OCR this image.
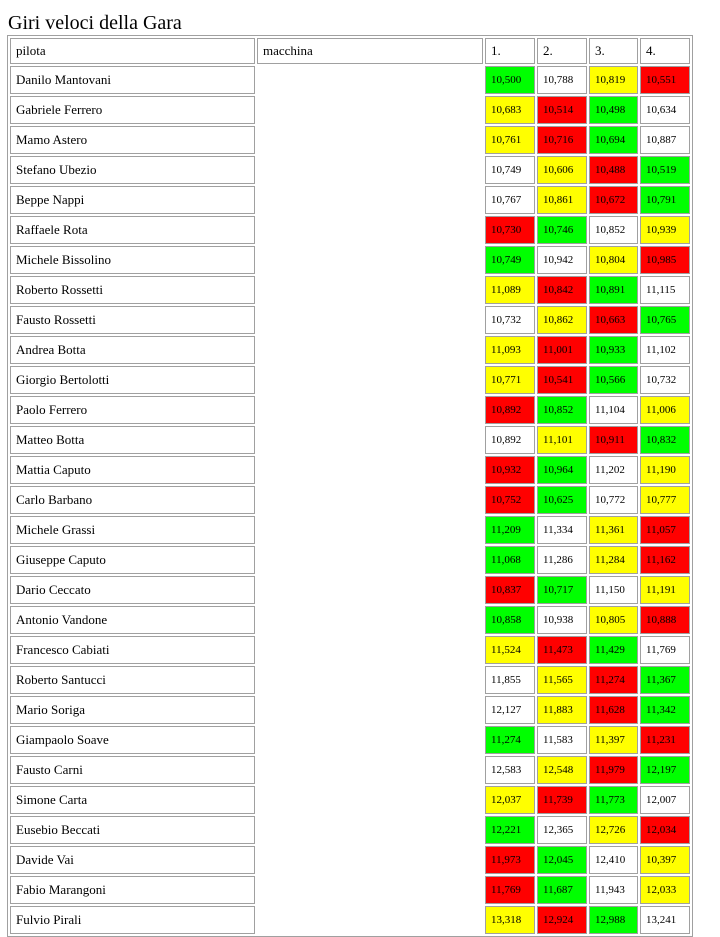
Giri veloci della Gara
pilota	macchina	1.	2.	3.	4.
Danilo Mantovani		10,500	10,788	10,819	10,551
Gabriele Ferrero		10,683	10,514	10,498	10,634
Mamo Astero		10,761	10,716	10,694	10,887
Stefano Ubezio		10,749	10,606	10,488	10,519
Beppe Nappi		10,767	10,861	10,672	10,791
Raffaele Rota		10,730	10,746	10,852	10,939
Michele Bissolino		10,749	10,942	10,804	10,985
Roberto Rossetti		11,089	10,842	10,891	11,115
Fausto Rossetti		10,732	10,862	10,663	10,765
Andrea Botta		11,093	11,001	10,933	11,102
Giorgio Bertolotti		10,771	10,541	10,566	10,732
Paolo Ferrero		10,892	10,852	11,104	11,006
Matteo Botta		10,892	11,101	10,911	10,832
Mattia Caputo		10,932	10,964	11,202	11,190
Carlo Barbano		10,752	10,625	10,772	10,777
Michele Grassi		11,209	11,334	11,361	11,057
Giuseppe Caputo		11,068	11,286	11,284	11,162
Dario Ceccato		10,837	10,717	11,150	11,191
Antonio Vandone		10,858	10,938	10,805	10,888
Francesco Cabiati		11,524	11,473	11,429	11,769
Roberto Santucci		11,855	11,565	11,274	11,367
Mario Soriga		12,127	11,883	11,628	11,342
Giampaolo Soave		11,274	11,583	11,397	11,231
Fausto Carni		12,583	12,548	11,979	12,197
Simone Carta		12,037	11,739	11,773	12,007
Eusebio Beccati		12,221	12,365	12,726	12,034
Davide Vai		11,973	12,045	12,410	10,397
Fabio Marangoni		11,769	11,687	11,943	12,033
Fulvio Pirali		13,318	12,924	12,988	13,241
